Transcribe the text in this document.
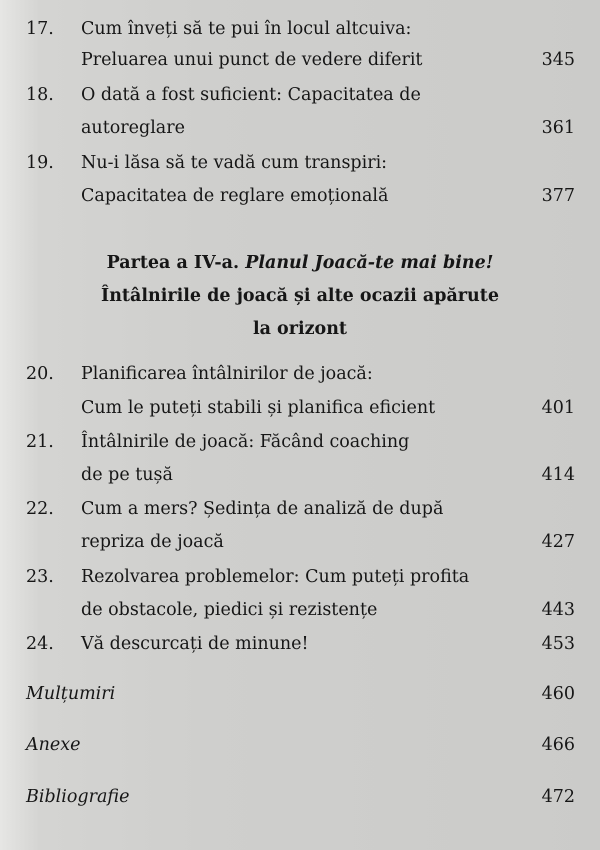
17. Cum înveți să te pui în locul altcuiva:
Preluarea unui punct de vedere diferit	345
18. O dată a fost suficient: Capacitatea de
autoreglare	361
19. Nu-i lăsa să te vadă cum transpiri:
Capacitatea de reglare emoțională	377
Partea a IV-a. Planul Joacă-te mai bine!
Întâlnirile de joacă și alte ocazii apărute
la orizont
20. Planificarea întâlnirilor de joacă:
Cum le puteți stabili și planifica eficient	401
21. Întâlnirile de joacă: Făcând coaching
de pe tușă	414
22. Cum a mers? Ședința de analiză de după
repriza de joacă	427
23. Rezolvarea problemelor: Cum puteți profita
de obstacole, piedici și rezistențe	443
24. Vă descurcați de minune!	453
Mulțumiri	460
Anexe	466
Bibliografie	472
